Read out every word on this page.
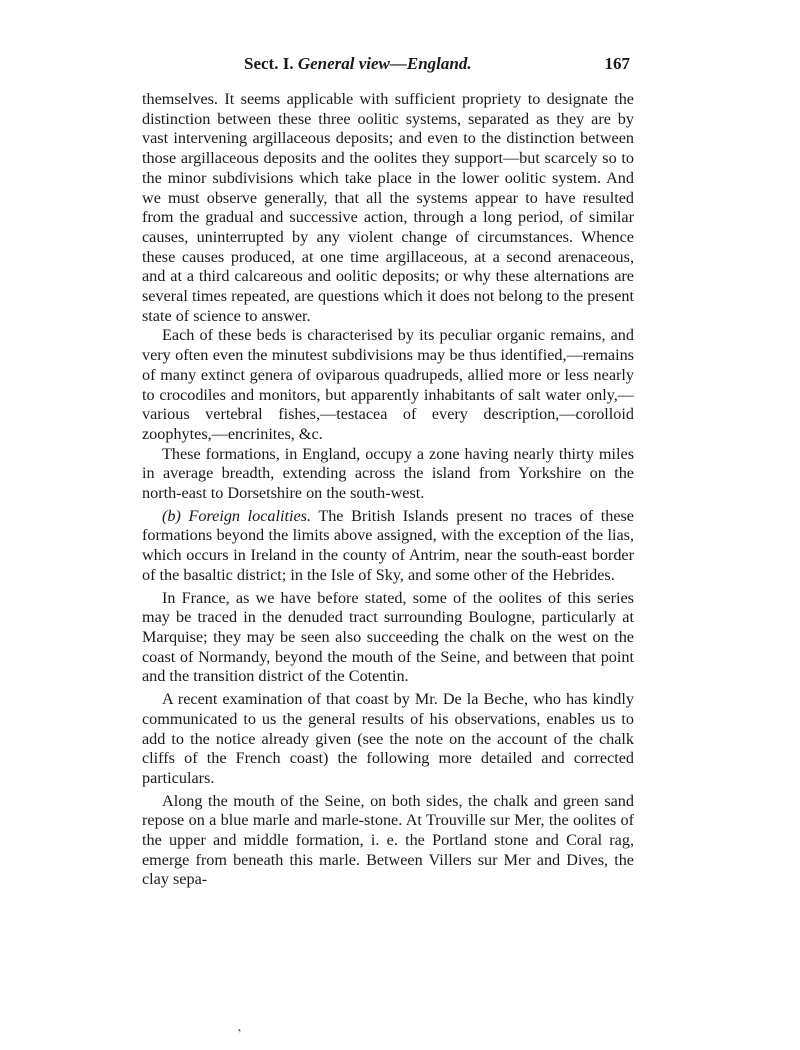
Sect. I. General view—England.	167

themselves. It seems applicable with sufficient propriety to designate the distinction between these three oolitic systems, separated as they are by vast intervening argillaceous deposits; and even to the distinction between those argillaceous deposits and the oolites they support—but scarcely so to the minor subdivisions which take place in the lower oolitic system. And we must observe generally, that all the systems appear to have resulted from the gradual and successive action, through a long period, of similar causes, uninterrupted by any violent change of circumstances. Whence these causes produced, at one time argillaceous, at a second arenaceous, and at a third calcareous and oolitic deposits; or why these alternations are several times repeated, are questions which it does not belong to the present state of science to answer.

Each of these beds is characterised by its peculiar organic remains, and very often even the minutest subdivisions may be thus identified,—remains of many extinct genera of oviparous quadrupeds, allied more or less nearly to crocodiles and monitors, but apparently inhabitants of salt water only,—various vertebral fishes,—testacea of every description,—corolloid zoophytes,—encrinites, &c.

These formations, in England, occupy a zone having nearly thirty miles in average breadth, extending across the island from Yorkshire on the north-east to Dorsetshire on the south-west.

(b) Foreign localities. The British Islands present no traces of these formations beyond the limits above assigned, with the exception of the lias, which occurs in Ireland in the county of Antrim, near the south-east border of the basaltic district; in the Isle of Sky, and some other of the Hebrides.

In France, as we have before stated, some of the oolites of this series may be traced in the denuded tract surrounding Boulogne, particularly at Marquise; they may be seen also succeeding the chalk on the west on the coast of Normandy, beyond the mouth of the Seine, and between that point and the transition district of the Cotentin.

A recent examination of that coast by Mr. De la Beche, who has kindly communicated to us the general results of his observations, enables us to add to the notice already given (see the note on the account of the chalk cliffs of the French coast) the following more detailed and corrected particulars.

Along the mouth of the Seine, on both sides, the chalk and green sand repose on a blue marle and marle-stone. At Trouville sur Mer, the oolites of the upper and middle formation, i. e. the Portland stone and Coral rag, emerge from beneath this marle. Between Villers sur Mer and Dives, the clay sepa-

,
